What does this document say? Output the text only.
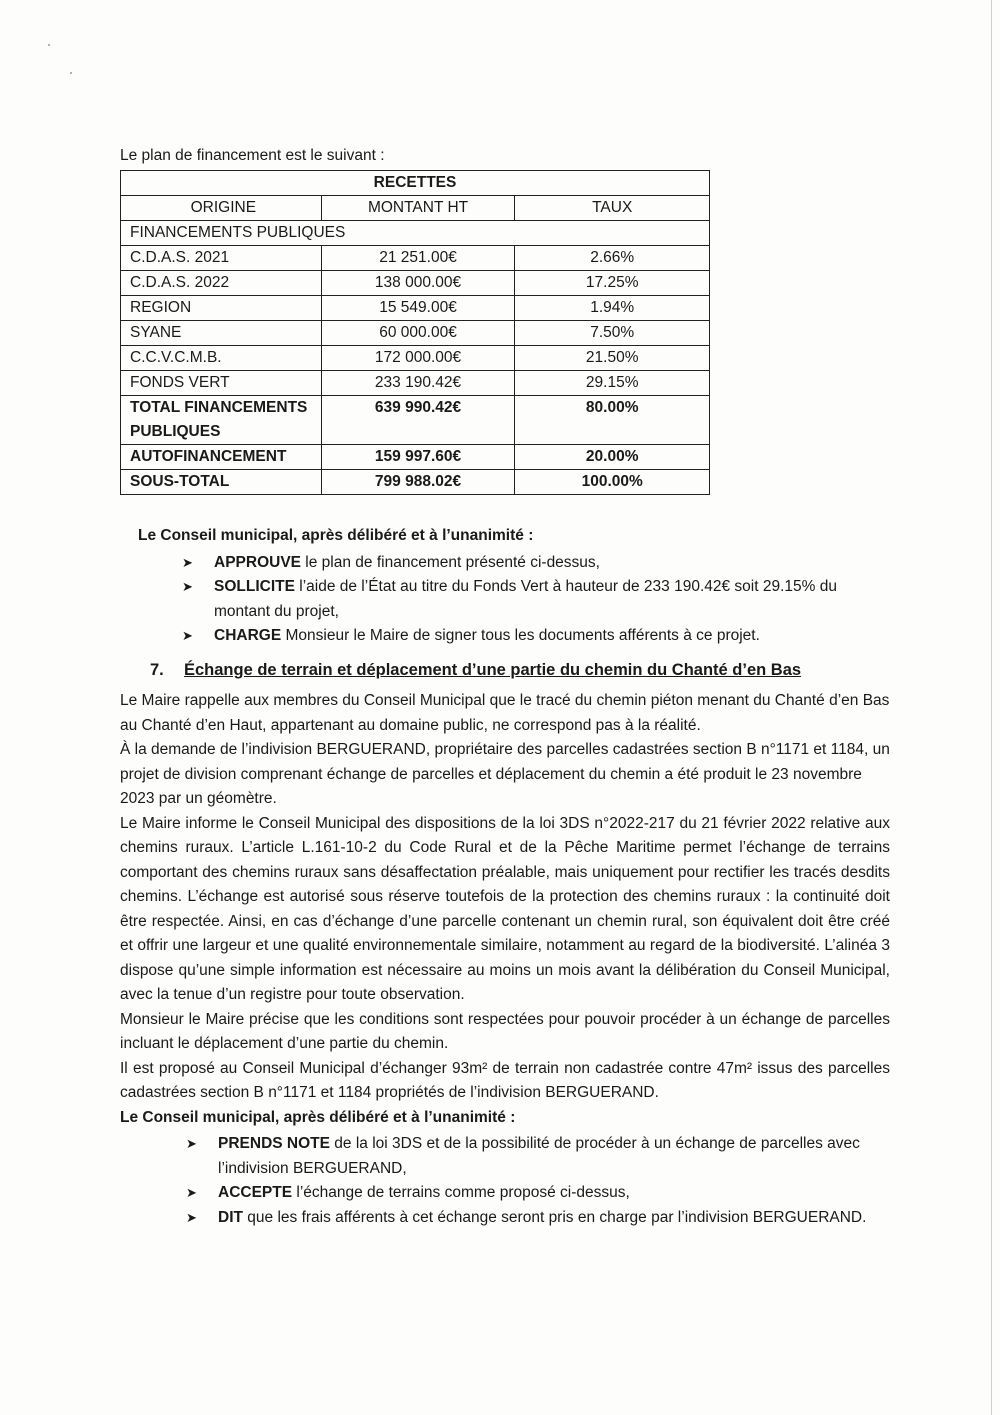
Le plan de financement est le suivant :
RECETTES		
ORIGINE	MONTANT HT	TAUX
FINANCEMENTS PUBLIQUES		
C.D.A.S. 2021	21 251.00€	2.66%
C.D.A.S. 2022	138 000.00€	17.25%
REGION	15 549.00€	1.94%
SYANE	60 000.00€	7.50%
C.C.V.C.M.B.	172 000.00€	21.50%
FONDS VERT	233 190.42€	29.15%
TOTAL FINANCEMENTS
PUBLIQUES	639 990.42€	80.00%
AUTOFINANCEMENT	159 997.60€	20.00%
SOUS-TOTAL	799 988.02€	100.00%
Le Conseil municipal, après délibéré et à l’unanimité :
➤ APPROUVE le plan de financement présenté ci-dessus,
➤ SOLLICITE l’aide de l’État au titre du Fonds Vert à hauteur de 233 190.42€ soit 29.15% du montant du projet,
➤ CHARGE Monsieur le Maire de signer tous les documents afférents à ce projet.
7. Échange de terrain et déplacement d’une partie du chemin du Chanté d’en Bas
Le Maire rappelle aux membres du Conseil Municipal que le tracé du chemin piéton menant du Chanté d’en Bas au Chanté d’en Haut, appartenant au domaine public, ne correspond pas à la réalité.
À la demande de l’indivision BERGUERAND, propriétaire des parcelles cadastrées section B n°1171 et 1184, un projet de division comprenant échange de parcelles et déplacement du chemin a été produit le 23 novembre 2023 par un géomètre.
Le Maire informe le Conseil Municipal des dispositions de la loi 3DS n°2022-217 du 21 février 2022 relative aux chemins ruraux. L’article L.161-10-2 du Code Rural et de la Pêche Maritime permet l’échange de terrains comportant des chemins ruraux sans désaffectation préalable, mais uniquement pour rectifier les tracés desdits chemins. L’échange est autorisé sous réserve toutefois de la protection des chemins ruraux : la continuité doit être respectée. Ainsi, en cas d’échange d’une parcelle contenant un chemin rural, son équivalent doit être créé et offrir une largeur et une qualité environnementale similaire, notamment au regard de la biodiversité. L’alinéa 3 dispose qu’une simple information est nécessaire au moins un mois avant la délibération du Conseil Municipal, avec la tenue d’un registre pour toute observation.
Monsieur le Maire précise que les conditions sont respectées pour pouvoir procéder à un échange de parcelles incluant le déplacement d’une partie du chemin.
Il est proposé au Conseil Municipal d’échanger 93m² de terrain non cadastrée contre 47m² issus des parcelles cadastrées section B n°1171 et 1184 propriétés de l’indivision BERGUERAND.
Le Conseil municipal, après délibéré et à l’unanimité :
➤ PRENDS NOTE de la loi 3DS et de la possibilité de procéder à un échange de parcelles avec l’indivision BERGUERAND,
➤ ACCEPTE l’échange de terrains comme proposé ci-dessus,
➤ DIT que les frais afférents à cet échange seront pris en charge par l’indivision BERGUERAND.
